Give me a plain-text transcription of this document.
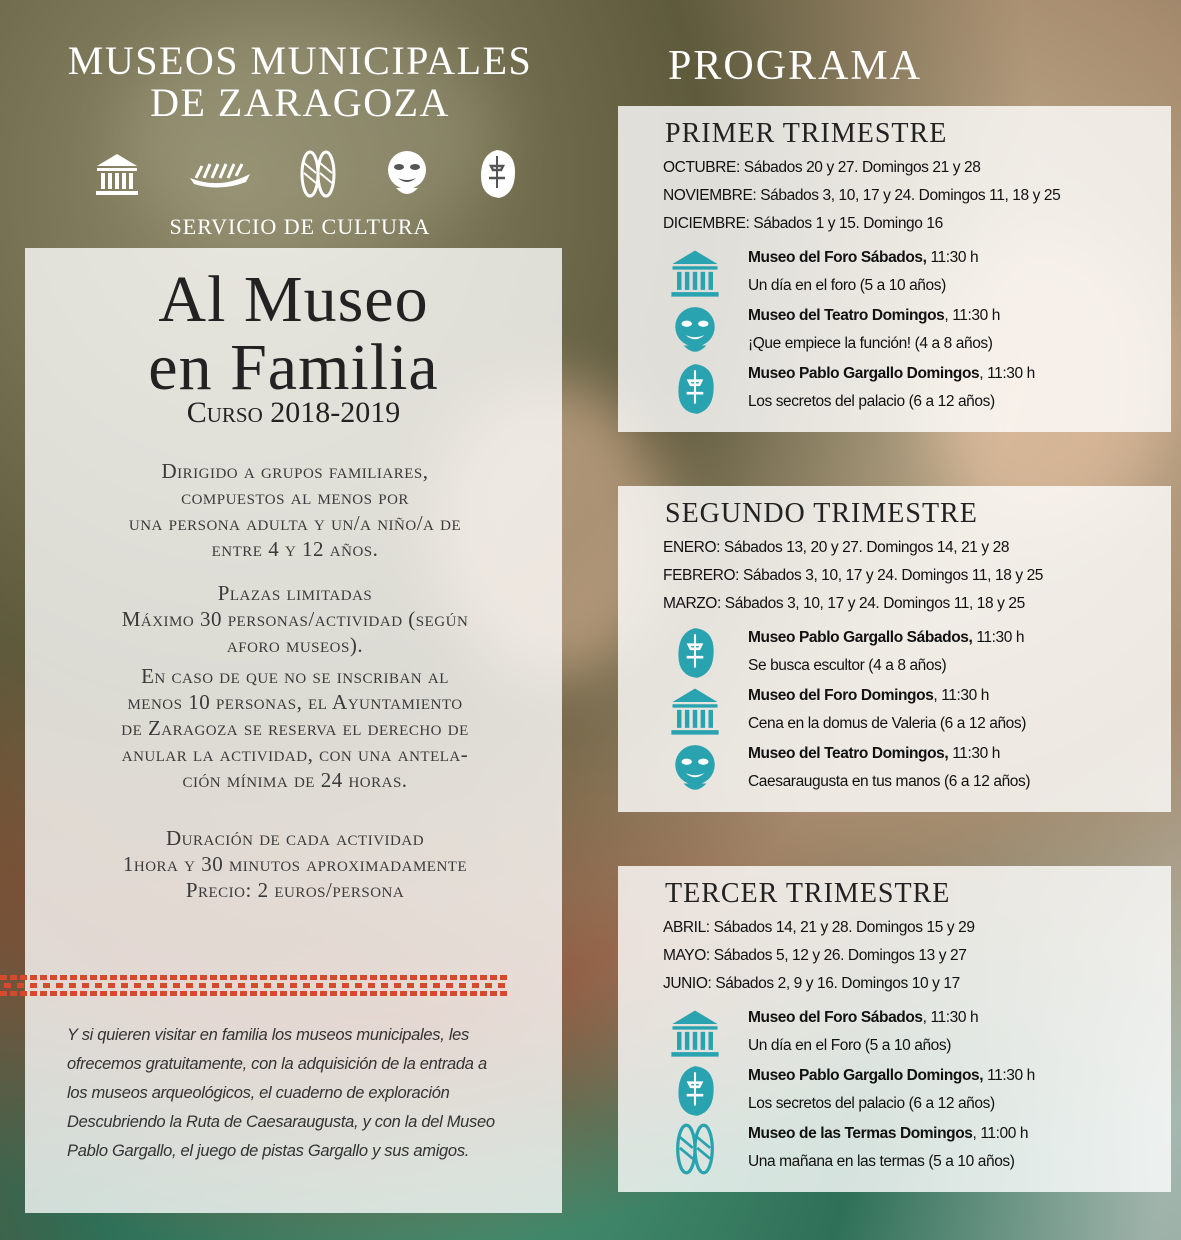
MUSEOS MUNICIPALES
DE ZARAGOZA
SERVICIO DE CULTURA
Al Museo
en Familia
Curso 2018-2019
Dirigido a grupos familiares,
compuestos al menos por
una persona adulta y un/a niño/a de
entre 4 y 12 años.
Plazas limitadas
Máximo 30 personas/actividad (según
aforo museos).
En caso de que no se inscriban al
menos 10 personas, el Ayuntamiento
de Zaragoza se reserva el derecho de
anular la actividad, con una antela-
ción mínima de 24 horas.
Duración de cada actividad
1hora y 30 minutos aproximadamente
Precio: 2 euros/persona
Y si quieren visitar en familia los museos municipales, les
ofrecemos gratuitamente, con la adquisición de la entrada a
los museos arqueológicos, el cuaderno de exploración
Descubriendo la Ruta de Caesaraugusta, y con la del Museo
Pablo Gargallo, el juego de pistas Gargallo y sus amigos.
PROGRAMA
PRIMER TRIMESTRE
OCTUBRE: Sábados 20 y 27. Domingos 21 y 28
NOVIEMBRE: Sábados 3, 10, 17 y 24. Domingos 11, 18 y 25
DICIEMBRE: Sábados 1 y 15. Domingo 16
Museo del Foro Sábados, 11:30 h
Un día en el foro (5 a 10 años)
Museo del Teatro Domingos, 11:30 h
¡Que empiece la función! (4 a 8 años)
Museo Pablo Gargallo Domingos, 11:30 h
Los secretos del palacio (6 a 12 años)
SEGUNDO TRIMESTRE
ENERO: Sábados 13, 20 y 27. Domingos 14, 21 y 28
FEBRERO: Sábados 3, 10, 17 y 24. Domingos 11, 18 y 25
MARZO: Sábados 3, 10, 17 y 24. Domingos 11, 18 y 25
Museo Pablo Gargallo Sábados, 11:30 h
Se busca escultor (4 a 8 años)
Museo del Foro Domingos, 11:30 h
Cena en la domus de Valeria (6 a 12 años)
Museo del Teatro Domingos, 11:30 h
Caesaraugusta en tus manos (6 a 12 años)
TERCER TRIMESTRE
ABRIL: Sábados 14, 21 y 28. Domingos 15 y 29
MAYO: Sábados 5, 12 y 26. Domingos 13 y 27
JUNIO: Sábados 2, 9 y 16. Domingos 10 y 17
Museo del Foro Sábados, 11:30 h
Un día en el Foro (5 a 10 años)
Museo Pablo Gargallo Domingos, 11:30 h
Los secretos del palacio (6 a 12 años)
Museo de las Termas Domingos, 11:00 h
Una mañana en las termas (5 a 10 años)
